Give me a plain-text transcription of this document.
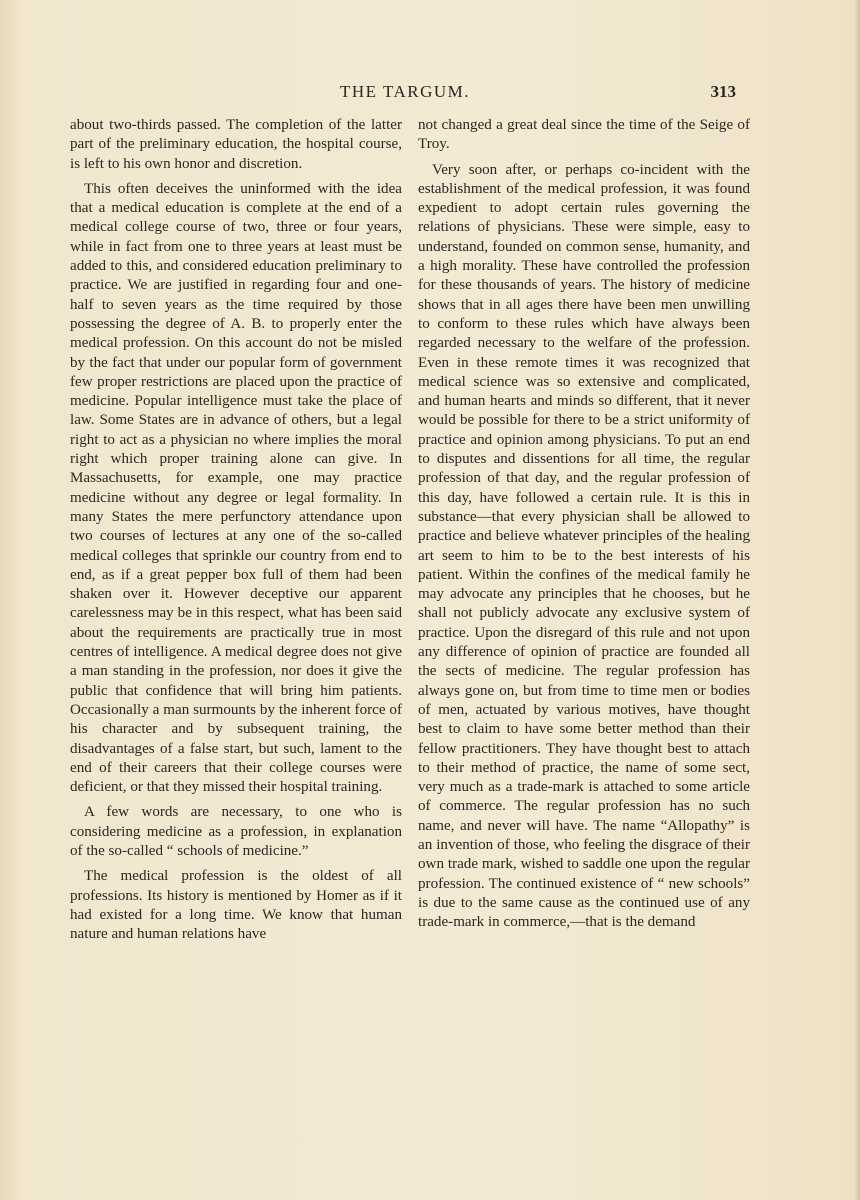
THE TARGUM.	313

about two-thirds passed. The completion of the latter part of the preliminary education, the hospital course, is left to his own honor and discretion.

This often deceives the uninformed with the idea that a medical education is complete at the end of a medical college course of two, three or four years, while in fact from one to three years at least must be added to this, and considered education preliminary to practice. We are justified in regarding four and one-half to seven years as the time required by those possessing the degree of A. B. to properly enter the medical profession. On this account do not be misled by the fact that under our popular form of government few proper restrictions are placed upon the practice of medicine. Popular intelligence must take the place of law. Some States are in advance of others, but a legal right to act as a physician no where implies the moral right which proper training alone can give. In Massachusetts, for example, one may practice medicine without any degree or legal formality. In many States the mere perfunctory attendance upon two courses of lectures at any one of the so-called medical colleges that sprinkle our country from end to end, as if a great pepper box full of them had been shaken over it. However deceptive our apparent carelessness may be in this respect, what has been said about the requirements are practically true in most centres of intelligence. A medical degree does not give a man standing in the profession, nor does it give the public that confidence that will bring him patients. Occasionally a man surmounts by the inherent force of his character and by subsequent training, the disadvantages of a false start, but such, lament to the end of their careers that their college courses were deficient, or that they missed their hospital training.

A few words are necessary, to one who is considering medicine as a profession, in explanation of the so-called “ schools of medicine.”

The medical profession is the oldest of all professions. Its history is mentioned by Homer as if it had existed for a long time. We know that human nature and human relations have

not changed a great deal since the time of the Seige of Troy.

Very soon after, or perhaps co-incident with the establishment of the medical profession, it was found expedient to adopt certain rules governing the relations of physicians. These were simple, easy to understand, founded on common sense, humanity, and a high morality. These have controlled the profession for these thousands of years. The history of medicine shows that in all ages there have been men unwilling to conform to these rules which have always been regarded necessary to the welfare of the profession. Even in these remote times it was recognized that medical science was so extensive and complicated, and human hearts and minds so different, that it never would be possible for there to be a strict uniformity of practice and opinion among physicians. To put an end to disputes and dissentions for all time, the regular profession of that day, and the regular profession of this day, have followed a certain rule. It is this in substance—that every physician shall be allowed to practice and believe whatever principles of the healing art seem to him to be to the best interests of his patient. Within the confines of the medical family he may advocate any principles that he chooses, but he shall not publicly advocate any exclusive system of practice. Upon the disregard of this rule and not upon any difference of opinion of practice are founded all the sects of medicine. The regular profession has always gone on, but from time to time men or bodies of men, actuated by various motives, have thought best to claim to have some better method than their fellow practitioners. They have thought best to attach to their method of practice, the name of some sect, very much as a trade-mark is attached to some article of commerce. The regular profession has no such name, and never will have. The name “Allopathy” is an invention of those, who feeling the disgrace of their own trade mark, wished to saddle one upon the regular profession. The continued existence of “ new schools” is due to the same cause as the continued use of any trade-mark in commerce,—that is the demand
